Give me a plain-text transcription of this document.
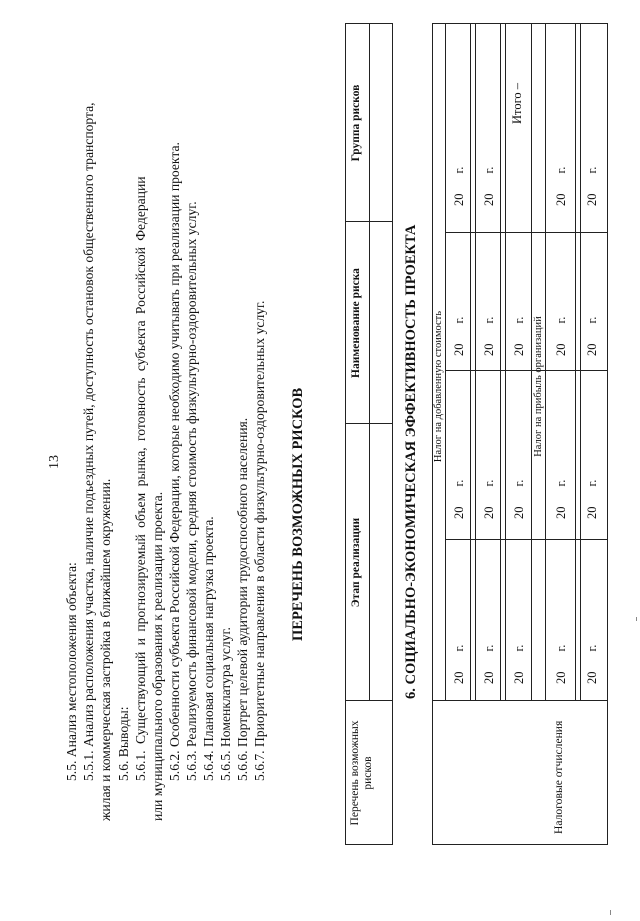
13
5.5. Анализ местоположения объекта: 5.5.1. Анализ расположения участка, наличие подъездных путей, доступность остановок общественного транспорта, жилая и коммерческая застройка в ближайшем окружении. 5.6. Выводы: 5.6.1. Существующий и прогнозируемый объем рынка, готовность субъекта Российской Федерации или муниципального образования к реализации проекта. 5.6.2. Особенности субъекта Российской Федерации, которые необходимо учитывать при реализации проекта. 5.6.3. Реализуемость финансовой модели, средняя стоимость физкультурно-оздоровительных услуг. 5.6.4. Плановая социальная нагрузка проекта. 5.6.5. Номенклатура услуг. 5.6.6. Портрет целевой аудитории трудоспособного населения. 5.6.7. Приоритетные направления в области физкультурно-оздоровительных услуг. ПЕРЕЧЕНЬ ВОЗМОЖНЫХ РИСКОВ
Перечень возможных рисков
Этап реализации
Наименование риска
Группа рисков
6. СОЦИАЛЬНО-ЭКОНОМИЧЕСКАЯ ЭФФЕКТИВНОСТЬ ПРОЕКТА
Налоговые отчисления
Налог на добавленную стоимость	Налог на прибыль организаций
20г.
20г.
20г.
20г.
20г.
20г.
20г.
20г.
20г.
20г.
20г.
Итого –
20г.
20г.
20г.
20г.
20г.
20г.
20г.
20г.
